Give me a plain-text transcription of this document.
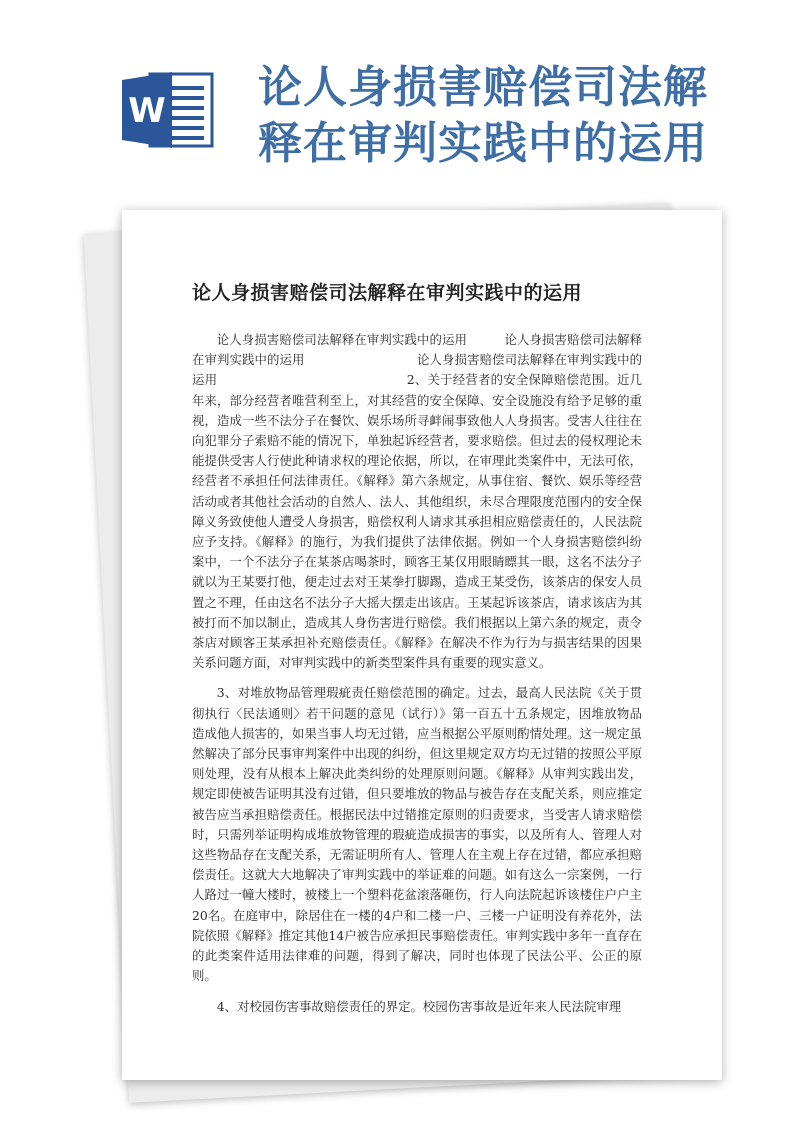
W 论人身损害赔偿司法解
释在审判实践中的运用
论人身损害赔偿司法解释在审判实践中的运用

论人身损害赔偿司法解释在审判实践中的运用　　　论人身损害赔偿司法解释在审判实践中的运用　　　　　　　　　论人身损害赔偿司法解释在审判实践中的运用　　　　　　　　　　　　　　　2、关于经营者的安全保障赔偿范围。近几年来，部分经营者唯营利至上，对其经营的安全保障、安全设施没有给予足够的重视，造成一些不法分子在餐饮、娱乐场所寻衅闹事致他人人身损害。受害人往往在向犯罪分子索赔不能的情况下，单独起诉经营者，要求赔偿。但过去的侵权理论未能提供受害人行使此种请求权的理论依据，所以，在审理此类案件中，无法可依，经营者不承担任何法律责任。《解释》第六条规定，从事住宿、餐饮、娱乐等经营活动或者其他社会活动的自然人、法人、其他组织，未尽合理限度范围内的安全保障义务致使他人遭受人身损害，赔偿权利人请求其承担相应赔偿责任的，人民法院应予支持。《解释》的施行，为我们提供了法律依据。例如一个人身损害赔偿纠纷案中，一个不法分子在某茶店喝茶时，顾客王某仅用眼睛瞟其一眼，这名不法分子就以为王某要打他，便走过去对王某拳打脚踢，造成王某受伤，该茶店的保安人员置之不理，任由这名不法分子大摇大摆走出该店。王某起诉该茶店，请求该店为其被打而不加以制止，造成其人身伤害进行赔偿。我们根据以上第六条的规定，责令茶店对顾客王某承担补充赔偿责任。《解释》在解决不作为行为与损害结果的因果关系问题方面，对审判实践中的新类型案件具有重要的现实意义。

3、对堆放物品管理瑕疵责任赔偿范围的确定。过去，最高人民法院《关于贯彻执行〈民法通则〉若干问题的意见（试行）》第一百五十五条规定，因堆放物品造成他人损害的，如果当事人均无过错，应当根据公平原则酌情处理。这一规定虽然解决了部分民事审判案件中出现的纠纷，但这里规定双方均无过错的按照公平原则处理，没有从根本上解决此类纠纷的处理原则问题。《解释》从审判实践出发，规定即使被告证明其没有过错，但只要堆放的物品与被告存在支配关系，则应推定被告应当承担赔偿责任。根据民法中过错推定原则的归责要求，当受害人请求赔偿时，只需列举证明构成堆放物管理的瑕疵造成损害的事实，以及所有人、管理人对这些物品存在支配关系，无需证明所有人、管理人在主观上存在过错，都应承担赔偿责任。这就大大地解决了审判实践中的举证难的问题。如有这么一宗案例，一行人路过一幢大楼时，被楼上一个塑料花盆滚落砸伤，行人向法院起诉该楼住户户主20名。在庭审中，除居住在一楼的4户和二楼一户、三楼一户证明没有养花外，法院依照《解释》推定其他14户被告应承担民事赔偿责任。审判实践中多年一直存在的此类案件适用法律难的问题，得到了解决，同时也体现了民法公平、公正的原则。

4、对校园伤害事故赔偿责任的界定。校园伤害事故是近年来人民法院审理
